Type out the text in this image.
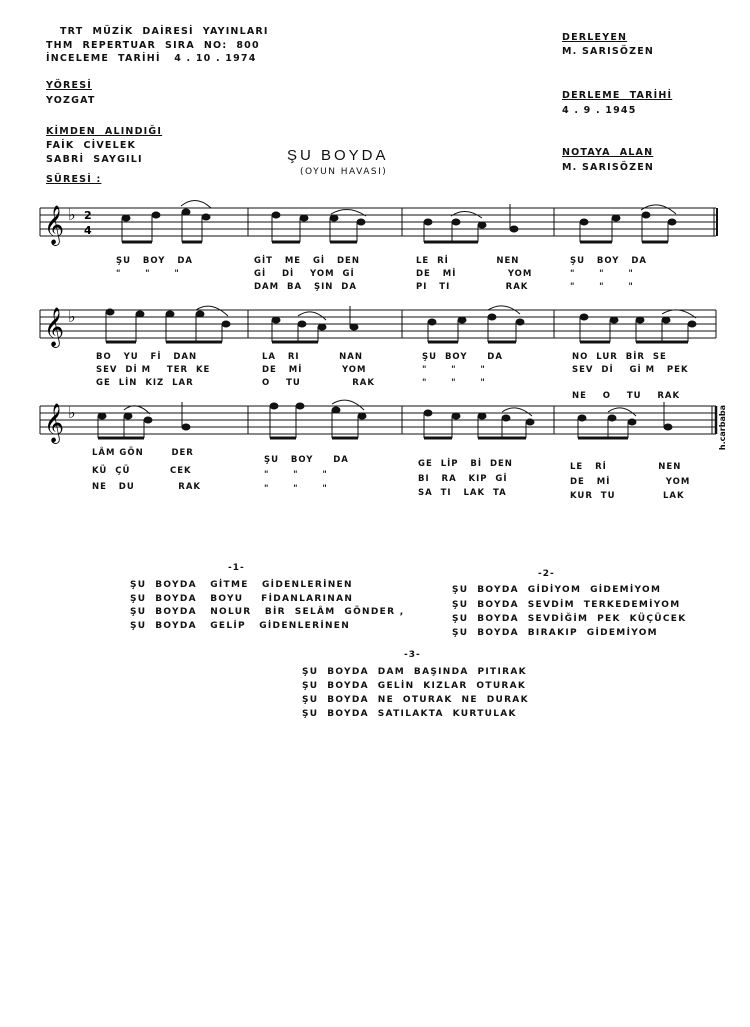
TRT  MÜZİK  DAİRESİ  YAYINLARI
THM  REPERTUAR  SIRA  NO:  800
İNCELEME  TARİHİ   4 . 10 . 1974
YÖRESİ
YOZGAT
KİMDEN  ALINDIĞI
FAİK  CİVELEK
SABRİ  SAYGILI
SÜRESİ :
DERLEYEN
M. SARISÖZEN
DERLEME  TARİHİ
4 . 9 . 1945
NOTAYA  ALAN
M. SARISÖZEN
ŞU BOYDA
(OYUN HAVASI)
𝄞 ♭ 2
4
ŞU   BOY   DA	GİT   ME   Gİ   DEN	LE  Rİ            NEN	ŞU   BOY   DA
"      "      "	Gİ    Dİ    YOM  Gİ	DE   Mİ             YOM	"      "      "
DAM  BA   ŞIN  DA	PI   TI              RAK	"      "      "
𝄞 ♭
BO   YU   Fİ   DAN	LA   RI          NAN	ŞU  BOY     DA	NO  LUR  BİR  SE
SEV  Dİ M    TER  KE	DE   Mİ          YOM	"      "      "	SEV  Dİ    Gİ M   PEK
GE  LİN  KIZ  LAR	O    TU             RAK	"      "      "
NE    O    TU    RAK
𝄞 ♭	h.carbaba
LÂM GÖN       DER
ŞU   BOY     DA	GE  LİP   Bİ  DEN	LE   Rİ             NEN
KÜ  ÇÜ          CEK	"      "      "	BI   RA   KIP  Gİ	DE   Mİ              YOM
NE   DU           RAK	"      "      "	SA  TI   LAK  TA	KUR  TU            LAK
-1-
ŞU  BOYDA   GİTME   GİDENLERİNEN
ŞU  BOYDA   BOYU    FİDANLARINAN
ŞU  BOYDA   NOLUR   BİR  SELÂM  GÖNDER ,
ŞU  BOYDA   GELİP   GİDENLERİNEN
-2-
ŞU  BOYDA  GİDİYOM  GİDEMİYOM
ŞU  BOYDA  SEVDİM  TERKEDEMİYOM
ŞU  BOYDA  SEVDİĞİM  PEK  KÜÇÜCEK
ŞU  BOYDA  BIRAKIP  GİDEMİYOM
-3-
ŞU  BOYDA  DAM  BAŞINDA  PITIRAK
ŞU  BOYDA  GELİN  KIZLAR  OTURAK
ŞU  BOYDA  NE  OTURAK  NE  DURAK
ŞU  BOYDA  SATILAKTA  KURTULAK
